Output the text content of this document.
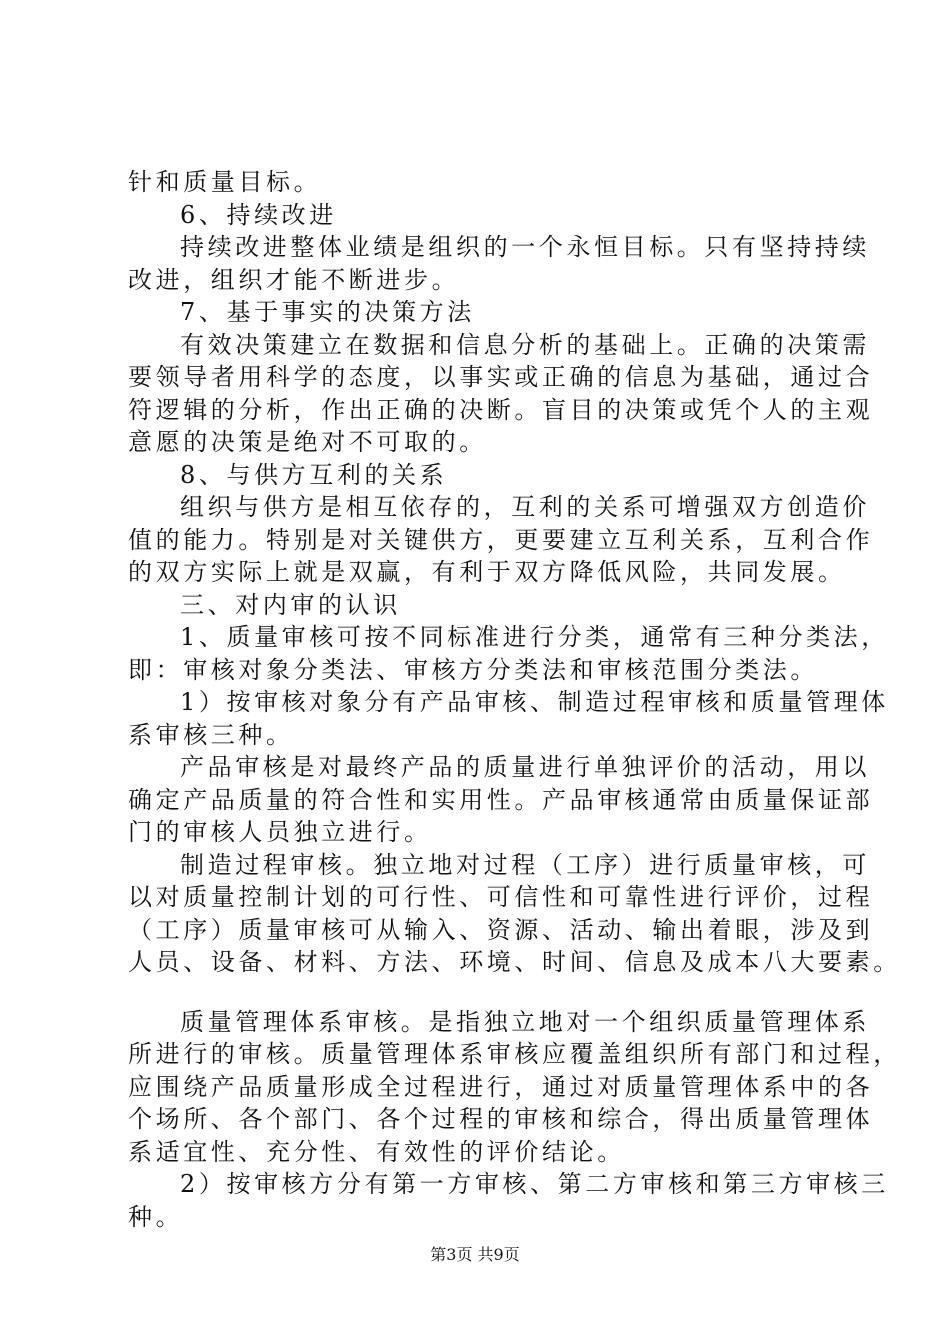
针和质量目标。
6、持续改进
持续改进整体业绩是组织的一个永恒目标。只有坚持持续
改进，组织才能不断进步。
7、基于事实的决策方法
有效决策建立在数据和信息分析的基础上。正确的决策需
要领导者用科学的态度，以事实或正确的信息为基础，通过合
符逻辑的分析，作出正确的决断。盲目的决策或凭个人的主观
意愿的决策是绝对不可取的。
8、与供方互利的关系
组织与供方是相互依存的，互利的关系可增强双方创造价
值的能力。特别是对关键供方，更要建立互利关系，互利合作
的双方实际上就是双赢，有利于双方降低风险，共同发展。
三、对内审的认识
1、质量审核可按不同标准进行分类，通常有三种分类法，
即：审核对象分类法、审核方分类法和审核范围分类法。
1）按审核对象分有产品审核、制造过程审核和质量管理体
系审核三种。
产品审核是对最终产品的质量进行单独评价的活动，用以
确定产品质量的符合性和实用性。产品审核通常由质量保证部
门的审核人员独立进行。
制造过程审核。独立地对过程（工序）进行质量审核，可
以对质量控制计划的可行性、可信性和可靠性进行评价，过程
（工序）质量审核可从输入、资源、活动、输出着眼，涉及到
人员、设备、材料、方法、环境、时间、信息及成本八大要素。
质量管理体系审核。是指独立地对一个组织质量管理体系
所进行的审核。质量管理体系审核应覆盖组织所有部门和过程，
应围绕产品质量形成全过程进行，通过对质量管理体系中的各
个场所、各个部门、各个过程的审核和综合，得出质量管理体
系适宜性、充分性、有效性的评价结论。
2）按审核方分有第一方审核、第二方审核和第三方审核三
种。
第3页 共9页
